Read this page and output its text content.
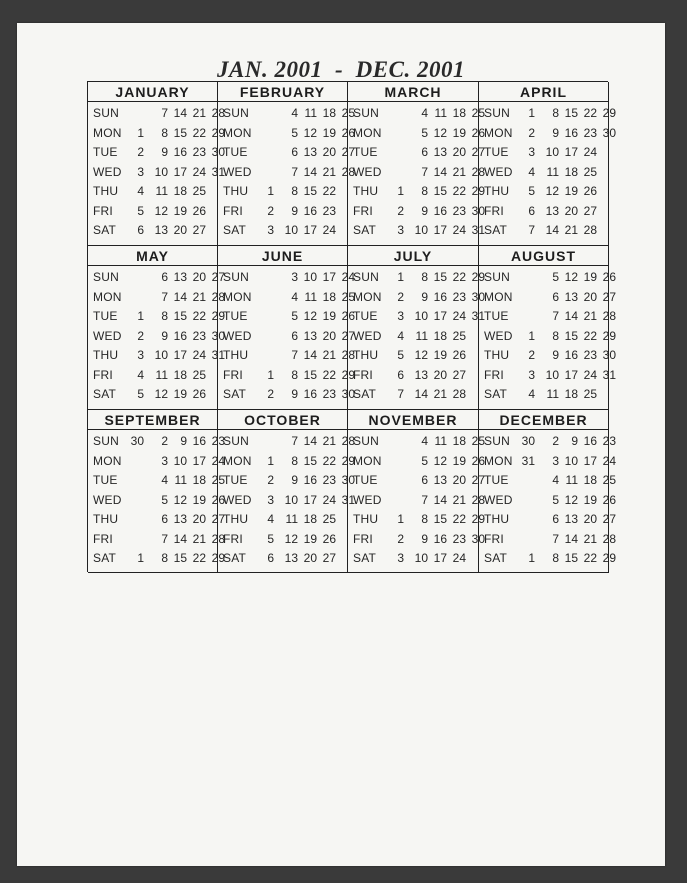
JAN. 2001  -  DEC. 2001
JANUARY
SUN	7 14 21 28
MON	1	8 15 22 29
TUE	2	9 16 23 30
WED	3 10 17 24 31
THU	4 11 18 25
FRI	5 12 19 26
SAT	6 13 20 27
FEBRUARY
SUN	4 11 18 25
MON	5 12 19 26
TUE	6 13 20 27
WED	7 14 21 28
THU	1	8 15 22
FRI	2	9 16 23
SAT	3 10 17 24
MARCH
SUN	4 11 18 25
MON	5 12 19 26
TUE	6 13 20 27
WED	7 14 21 28
THU	1	8 15 22 29
FRI	2	9 16 23 30
SAT	3 10 17 24 31
APRIL
SUN	1	8 15 22 29
MON	2	9 16 23 30
TUE	3 10 17 24
WED	4 11 18 25
THU	5 12 19 26
FRI	6 13 20 27
SAT	7 14 21 28
MAY
SUN	6 13 20 27
MON	7 14 21 28
TUE	1	8 15 22 29
WED	2	9 16 23 30
THU	3 10 17 24 31
FRI	4 11 18 25
SAT	5 12 19 26
JUNE
SUN	3 10 17 24
MON	4 11 18 25
TUE	5 12 19 26
WED	6 13 20 27
THU	7 14 21 28
FRI	1	8 15 22 29
SAT	2	9 16 23 30
JULY
SUN	1	8 15 22 29
MON	2	9 16 23 30
TUE	3 10 17 24 31
WED	4 11 18 25
THU	5 12 19 26
FRI	6 13 20 27
SAT	7 14 21 28
AUGUST
SUN	5 12 19 26
MON	6 13 20 27
TUE	7 14 21 28
WED	1	8 15 22 29
THU	2	9 16 23 30
FRI	3 10 17 24 31
SAT	4 11 18 25
SEPTEMBER
SUN 30	2	9 16 23
MON	3 10 17 24
TUE	4 11 18 25
WED	5 12 19 26
THU	6 13 20 27
FRI	7 14 21 28
SAT	1	8 15 22 29
OCTOBER
SUN	7 14 21 28
MON	1	8 15 22 29
TUE	2	9 16 23 30
WED	3 10 17 24 31
THU	4 11 18 25
FRI	5 12 19 26
SAT	6 13 20 27
NOVEMBER
SUN	4 11 18 25
MON	5 12 19 26
TUE	6 13 20 27
WED	7 14 21 28
THU	1	8 15 22 29
FRI	2	9 16 23 30
SAT	3 10 17 24
DECEMBER
SUN 30	2	9 16 23
MON 31	3 10 17 24
TUE	4 11 18 25
WED	5 12 19 26
THU	6 13 20 27
FRI	7 14 21 28
SAT	1	8 15 22 29
